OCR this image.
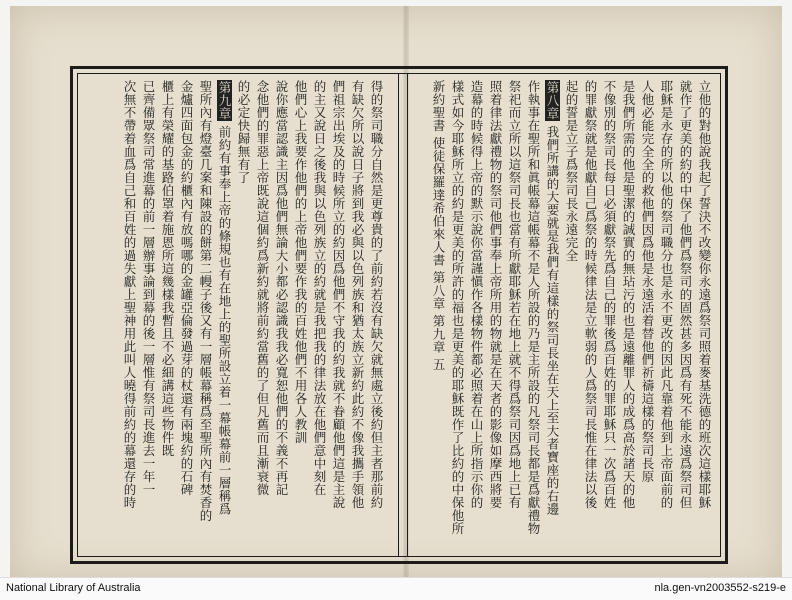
立他的對他說我起了誓決不改變你永遠爲祭司照着麥基洗德的班次這樣耶穌
就作了更美的約的中保了他們爲祭司的固然甚多因爲有死不能永遠爲祭司但
耶穌是永存的所以他的祭司職分也是永不更改的因此凡靠着他到上帝面前的
人他必能完全全的救他們因爲他是永遠活着替他們祈禱這樣的祭司長原
是我們所需的他是聖潔的誠實的無玷污的也是遠離罪人的成爲高於諸天的他
不像別的祭司長每日必須獻祭先爲自己的罪後爲百姓的罪耶穌只一次爲百姓
的罪獻祭就是他獻自己爲祭的時候律法是立軟弱的人爲祭司長惟在律法以後
起的誓是立子爲祭司長永遠完全
第八章 我們所講的大要就是我們有這樣的祭司長坐在天上至大者寶座的右邊
作執事在聖所和眞帳幕這帳幕不是人所設的乃是主所設的凡祭司長都是爲獻禮物
祭祀而立所以這祭司長也當有所獻耶穌若在地上就不得爲祭司因爲地上已有
照着律法獻禮物的祭司他們事奉上帝所用的物就是在天者的影像如摩西將要
造幕的時候得上帝的默示說你當謹愼作各樣物件都必照着在山上所指示你的
樣式如今耶穌所立的約是更美的所許的福也是更美的耶穌既作了比約的中保他所
新約聖書 使徒保羅達希伯來人書 第八章 第九章 五
得的祭司職分自然是更尊貴的了前約若沒有缺欠就無處立後約但主者那前約
有缺欠所以說日子將到我必與以色列族和猶太族立新約此約不像我攜手領他
們祖宗出埃及的時候所立的約因爲他們不守我的約我就不眷顧他們這是主說
的主又說日之後我與以色列族立的約就是我把我的律法放在他們意中刻在
他們心上我要作他們的上帝他們要作我的百姓他們不用各人教訓
說你應當認識主因爲他們無論大小都必認識我我必寬恕他們的不義不再記
念他們的罪惡上帝既說這個約爲新約就將前約當舊的了但凡舊而且漸衰微
的必定快歸無有了
第九章 前約有事奉上帝的條規也有在地上的聖所設立着一幕帳幕前一層稱爲
聖所內有燈臺几案和陳設的餅第二幔子後又有一層帳幕稱爲至聖所內有焚香的
金爐四面包金的約櫃內有放嗎哪的金罐亞倫發過芽的杖還有兩塊約的石碑
櫃上有榮耀的基路伯罩着施恩所這幾樣我暫且不必細講這些物件既
已齊備眾祭司常進幕的前一層辦事論到幕的後一層惟有祭司長進去一年一
次無不帶着血爲自己和百姓的過失獻上聖神用此叫人曉得前約的幕還存的時
National Library of Australia	nla.gen-vn2003552-s219-e
